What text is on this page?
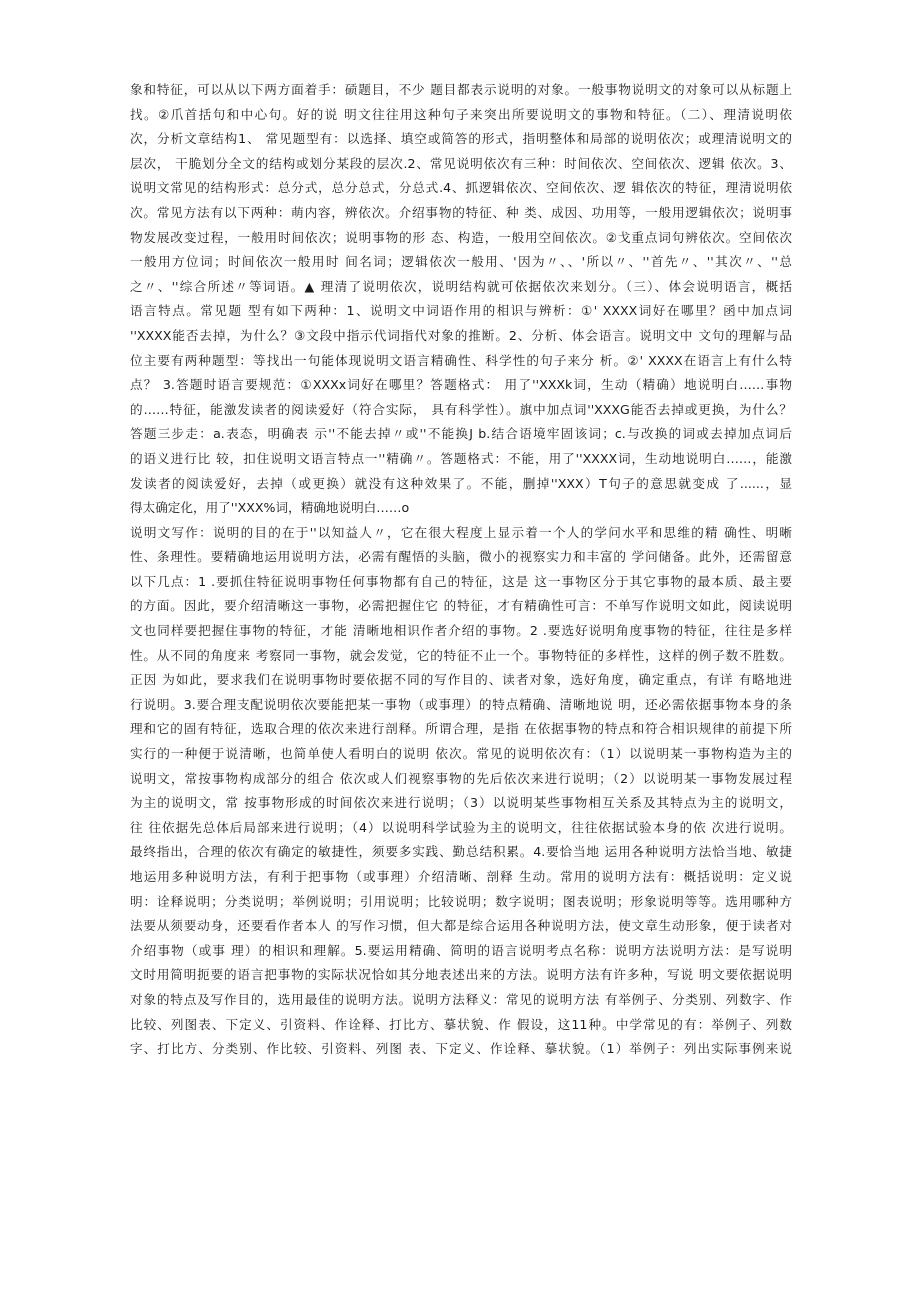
象和特征，可以从以下两方面着手：䂵题目，不少 题目都表示说明的对象。一般事物说明文的对象可以从标题上
找。②爪首括句和中心句。好的说 明文往往用这种句子来突出所要说明文的事物和特征。（二）、理清说明依
次，分析文章结构1、 常见题型有：以选择、填空或简答的形式，指明整体和局部的说明依次；或理清说明文的
层次， 干脆划分全文的结构或划分某段的层次.2、常见说明依次有三种：时间依次、空间依次、逻辑 依次。3、
说明文常见的结构形式：总分式，总分总式，分总式.4、抓逻辑依次、空间依次、逻 辑依次的特征，理清说明依
次。常见方法有以下两种：萌内容，辨依次。介绍事物的特征、种 类、成因、功用等，一般用逻辑依次；说明事
物发展改变过程，一般用时间依次；说明事物的形 态、构造，一般用空间依次。②戈重点词句辨依次。空间依次
一般用方位词；时间依次一般用时 间名词；逻辑依次一般用、'因为〃、、'所以〃、''首先〃、''其次〃、''总
之〃、''综合所述〃等词语。▲ 理清了说明依次，说明结构就可依据依次来划分。（三）、体会说明语言，概括
语言特点。常见题 型有如下两种：1、说明文中词语作用的相识与辨析：①' XXXX词好在哪里？函中加点词
''XXXX能否去掉，为什么？③文段中指示代词指代对象的推断。2、分析、体会语言。说明文中 文句的理解与品
位主要有两种题型：等找出一句能体现说明文语言精确性、科学性的句子来分 析。②' XXXX在语言上有什么特
点？ 3.答题时语言要规范：①XXXx词好在哪里？答题格式： 用了''XXXk词，生动（精确）地说明白……事物
的……特征，能激发读者的阅读爱好（符合实际， 具有科学性）。旗中加点词''XXXG能否去掉或更换，为什么？
答题三步走：a.表态，明确表 示''不能去掉〃或''不能换J b.结合语境牢固该词；c.与改换的词或去掉加点词后
的语义进行比 较，扣住说明文语言特点一''精确〃。答题格式：不能，用了''XXXX词，生动地说明白……，能激
发读者的阅读爱好，去掉（或更换）就没有这种效果了。不能，删掉''XXX）T句子的意思就变成 了......，显
得太确定化，用了''XXX%词，精确地说明白……o
说明文写作：说明的目的在于''以知益人〃，它在很大程度上显示着一个人的学问水平和思维的精 确性、明晰
性、条理性。要精确地运用说明方法，必需有醒悟的头脑，微小的视察实力和丰富的 学问储备。此外，还需留意
以下几点：1 .要抓住特征说明事物任何事物都有自己的特征，这是 这一事物区分于其它事物的最本质、最主要
的方面。因此，要介绍清晰这一事物，必需把握住它 的特征，才有精确性可言：不单写作说明文如此，阅读说明
文也同样要把握住事物的特征，才能 清晰地相识作者介绍的事物。2 .要选好说明角度事物的特征，往往是多样
性。从不同的角度来 考察同一事物，就会发觉，它的特征不止一个。事物特征的多样性，这样的例子数不胜数。
正因 为如此，要求我们在说明事物时要依据不同的写作目的、读者对象，选好角度，确定重点，有详 有略地进
行说明。3.要合理支配说明依次要能把某一事物（或事理）的特点精确、清晰地说 明，还必需依据事物本身的条
理和它的固有特征，选取合理的依次来进行剖释。所谓合理，是指 在依据事物的特点和符合相识规律的前提下所
实行的一种便于说清晰，也简单使人看明白的说明 依次。常见的说明依次有：（1）以说明某一事物构造为主的
说明文，常按事物构成部分的组合 依次或人们视察事物的先后依次来进行说明；（2）以说明某一事物发展过程
为主的说明文，常 按事物形成的时间依次来进行说明；（3）以说明某些事物相互关系及其特点为主的说明文，
往 往依据先总体后局部来进行说明；（4）以说明科学试验为主的说明文，往往依据试验本身的依 次进行说明。
最终指出，合理的依次有确定的敏捷性，须要多实践、勤总结积累。4.要恰当地 运用各种说明方法恰当地、敏捷
地运用多种说明方法，有利于把事物（或事理）介绍清晰、剖释 生动。常用的说明方法有：概括说明：定义说
明：诠释说明；分类说明；举例说明；引用说明；比较说明；数字说明；图表说明；形象说明等等。选用哪种方
法要从须要动身，还要看作者本人 的写作习惯，但大都是综合运用各种说明方法，使文章生动形象，便于读者对
介绍事物（或事 理）的相识和理解。5.要运用精确、简明的语言说明考点名称：说明方法说明方法：是写说明
文时用简明扼要的语言把事物的实际状况恰如其分地表述出来的方法。说明方法有许多种，写说 明文要依据说明
对象的特点及写作目的，选用最佳的说明方法。说明方法释义：常见的说明方法 有举例子、分类别、列数字、作
比较、列图表、下定义、引资料、作诠释、打比方、摹状貌、作 假设，这11种。中学常见的有：举例子、列数
字、打比方、分类别、作比较、引资料、列图 表、下定义、作诠释、摹状貌。（1）举例子：列出实际事例来说
